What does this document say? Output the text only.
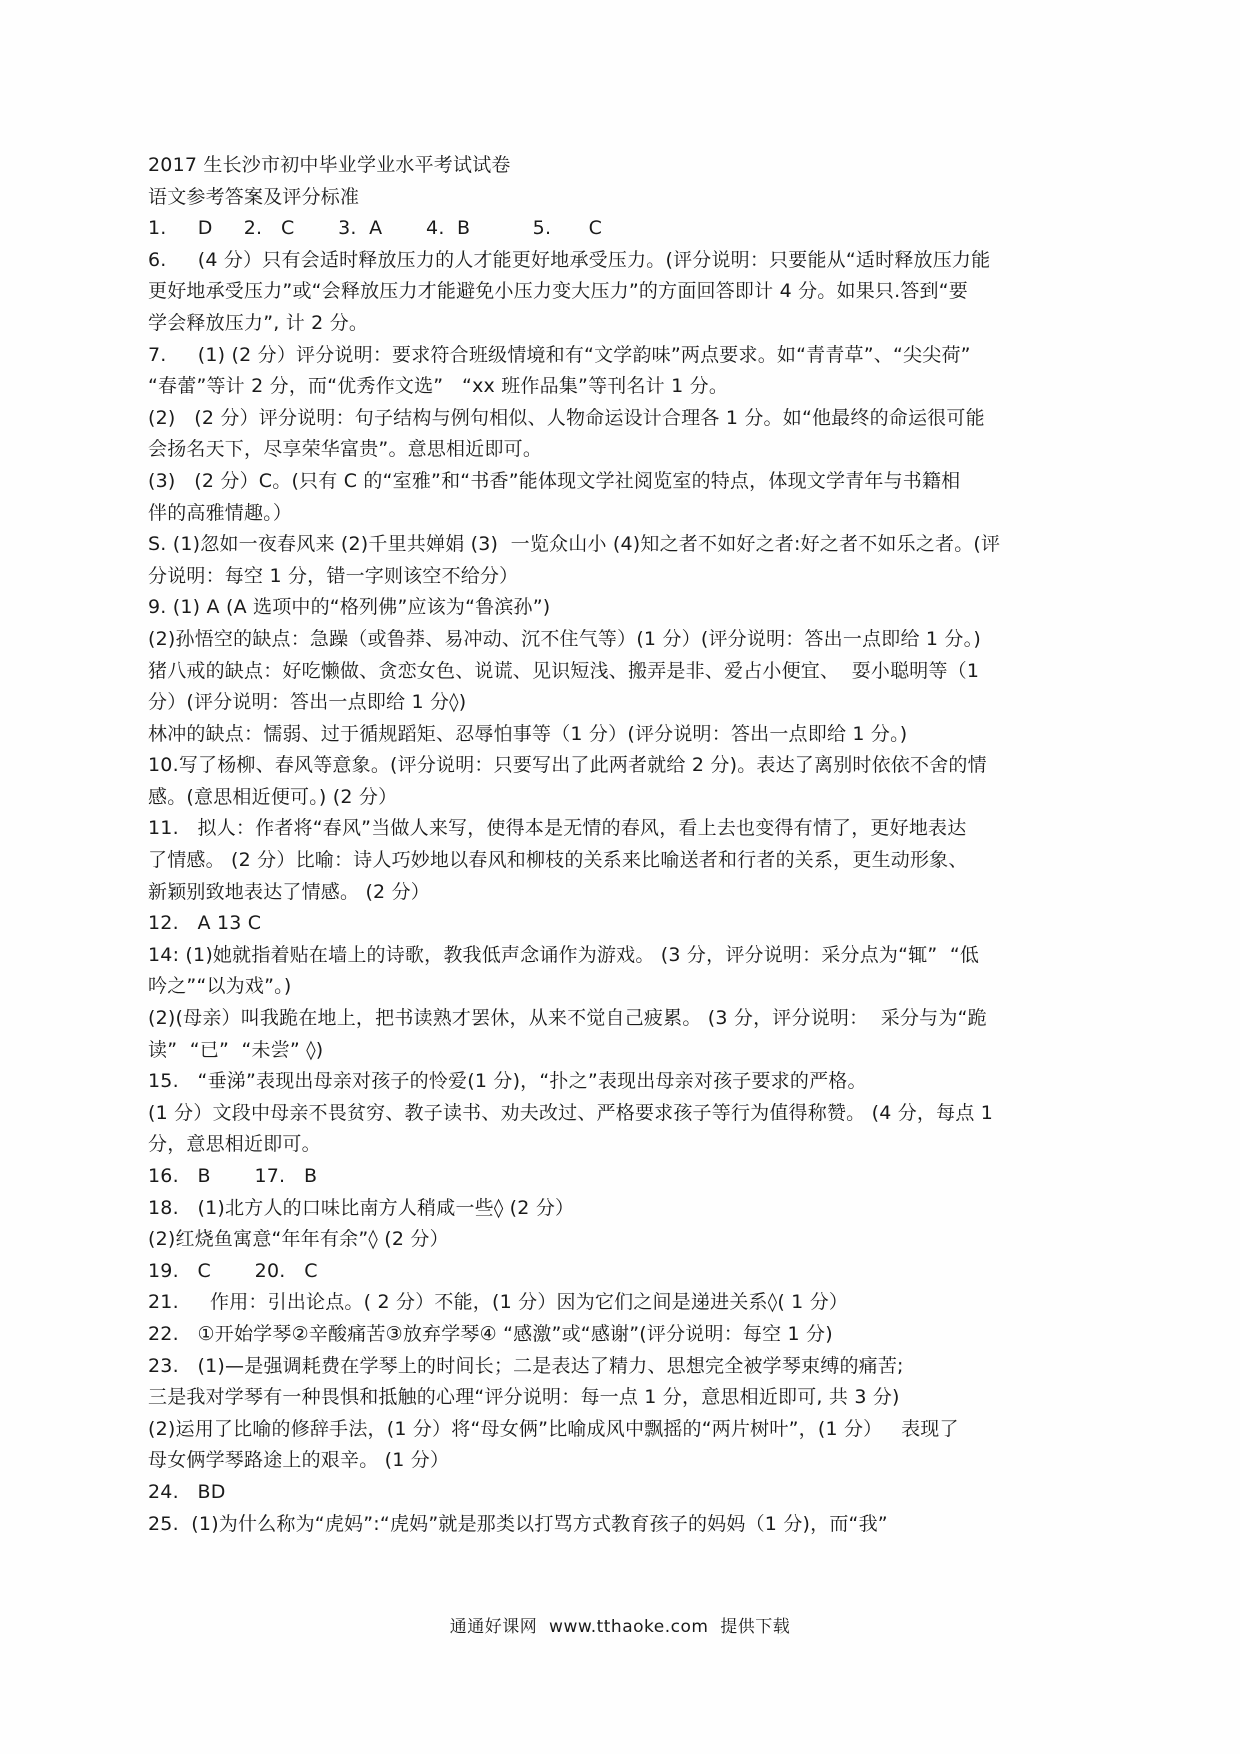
2017 生长沙市初中毕业学业水平考试试卷
语文参考答案及评分标准
1.     D     2.   C       3.  A       4.  B          5.      C
6.     (4 分）只有会适时释放压力的人才能更好地承受压力。(评分说明：只要能从“适时释放压力能
更好地承受压力”或“会释放压力才能避免小压力变大压力”的方面回答即计 4 分。如果只.答到“要
学会释放压力”, 计 2 分。
7.     (1) (2 分）评分说明：要求符合班级情境和有“文学韵味”两点要求。如“青青草”、“尖尖荷”
“春蕾”等计 2 分，而“优秀作文选”   “xx 班作品集”等刊名计 1 分。
(2)   (2 分）评分说明：句子结构与例句相似、人物命运设计合理各 1 分。如“他最终的命运很可能
会扬名天下，尽享荣华富贵”。意思相近即可。
(3)   (2 分）C。(只有 C 的“室雅”和“书香”能体现文学社阅览室的特点，体现文学青年与书籍相
伴的高雅情趣。）
S. (1)忽如一夜春风来 (2)千里共婵娟 (3)  一览众山小 (4)知之者不如好之者:好之者不如乐之者。(评
分说明：每空 1 分，错一字则该空不给分）
9. (1) A (A 选项中的“格列佛”应该为“鲁滨孙”)
(2)孙悟空的缺点：急躁（或鲁莽、易冲动、沉不住气等）(1 分）(评分说明：答出一点即给 1 分。)
猪八戒的缺点：好吃懒做、贪恋女色、说谎、见识短浅、搬弄是非、爱占小便宜、  耍小聪明等（1
分）(评分说明：答出一点即给 1 分◊)
林冲的缺点：懦弱、过于循规蹈矩、忍辱怕事等（1 分）(评分说明：答出一点即给 1 分。)
10.写了杨柳、春风等意象。(评分说明：只要写出了此两者就给 2 分)。表达了离别时依依不舍的情
感。(意思相近便可。) (2 分）
11.   拟人：作者将“春风”当做人来写，使得本是无情的春风，看上去也变得有情了，更好地表达
了情感。 (2 分）比喻：诗人巧妙地以春风和柳枝的关系来比喻送者和行者的关系，更生动形象、
新颖别致地表达了情感。 (2 分）
12.   A 13 C
14: (1)她就指着贴在墙上的诗歌，教我低声念诵作为游戏。 (3 分，评分说明：采分点为“辄”  “低
吟之”“以为戏”。)
(2)(母亲）叫我跪在地上，把书读熟才罢休，从来不觉自己疲累。 (3 分，评分说明：  采分与为“跪
读”  “已”  “未尝” ◊)
15.   “垂涕”表现出母亲对孩子的怜爱(1 分)，“扑之”表现出母亲对孩子要求的严格。
(1 分）文段中母亲不畏贫穷、教子读书、劝夫改过、严格要求孩子等行为值得称赞。 (4 分，每点 1
分，意思相近即可。
16.   B       17.   B
18.   (1)北方人的口味比南方人稍咸一些◊ (2 分）
(2)红烧鱼寓意“年年有余”◊ (2 分）
19.   C       20.   C
21.     作用：引出论点。( 2 分）不能，(1 分）因为它们之间是递进关系◊( 1 分）
22.   ①开始学琴②辛酸痛苦③放弃学琴④ “感激”或“感谢”(评分说明：每空 1 分)
23.   (1)—是强调耗费在学琴上的时间长；二是表达了精力、思想完全被学琴束缚的痛苦;
三是我对学琴有一种畏惧和抵触的心理“评分说明：每一点 1 分，意思相近即可, 共 3 分)
(2)运用了比喻的修辞手法，(1 分）将“母女俩”比喻成风中飘摇的“两片树叶”，(1 分）   表现了
母女俩学琴路途上的艰辛。 (1 分）
24.   BD
25.  (1)为什么称为“虎妈”:“虎妈”就是那类以打骂方式教育孩子的妈妈（1 分)，而“我”
通通好课网  www.tthaoke.com  提供下载
